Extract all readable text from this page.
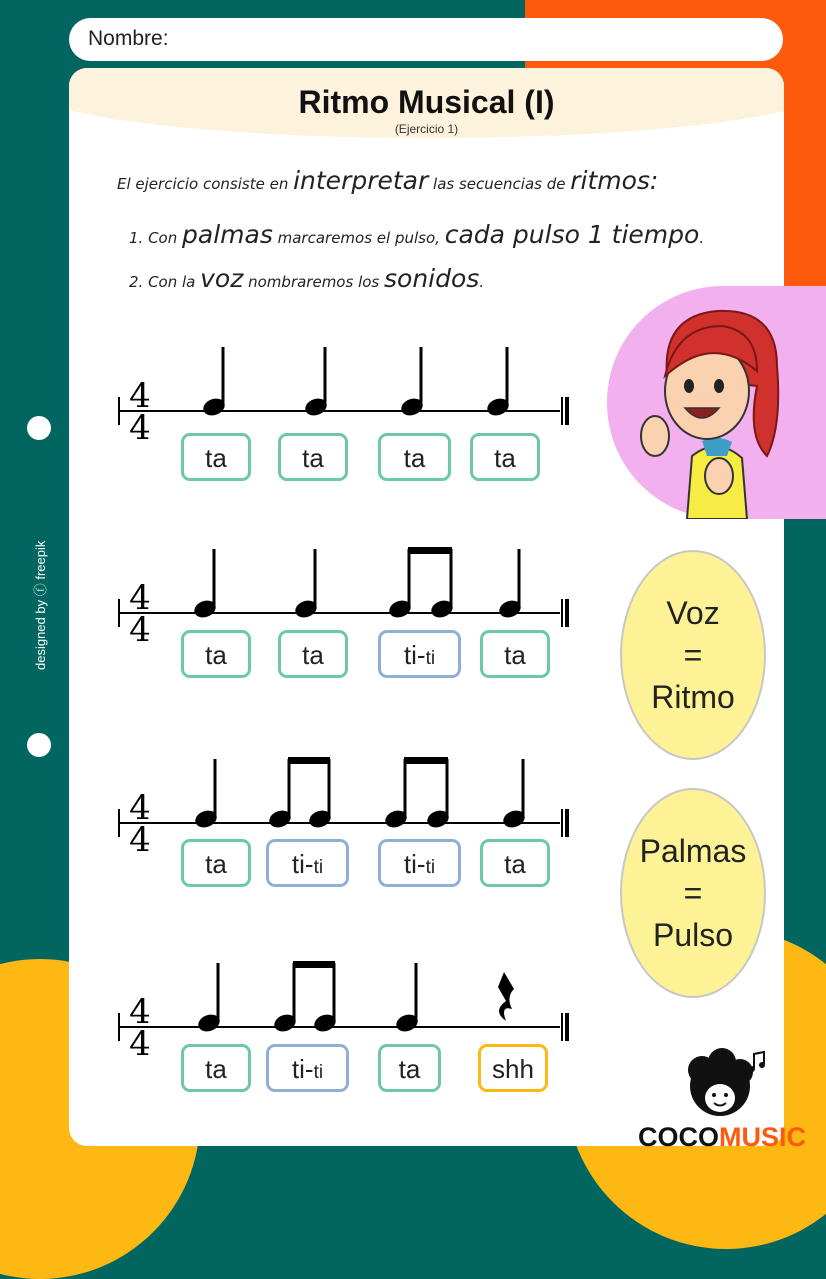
Nombre:
designed by ⓕ freepik
Ritmo Musical (I)
(Ejercicio 1)
El ejercicio consiste en interpretar las secuencias de ritmos:
1. Con palmas marcaremos el pulso, cada pulso 1 tiempo.
2. Con la voz nombraremos los sonidos.
Voz
=
Ritmo
Palmas
=
Pulso
COCOMUSIC
4
4
4
4
4
4
4
4
ta	ta	ta	ta
ta	ta	ti-ti	ta
ta	ti-ti	ti-ti	ta
ta	ti-ti	ta	shh
